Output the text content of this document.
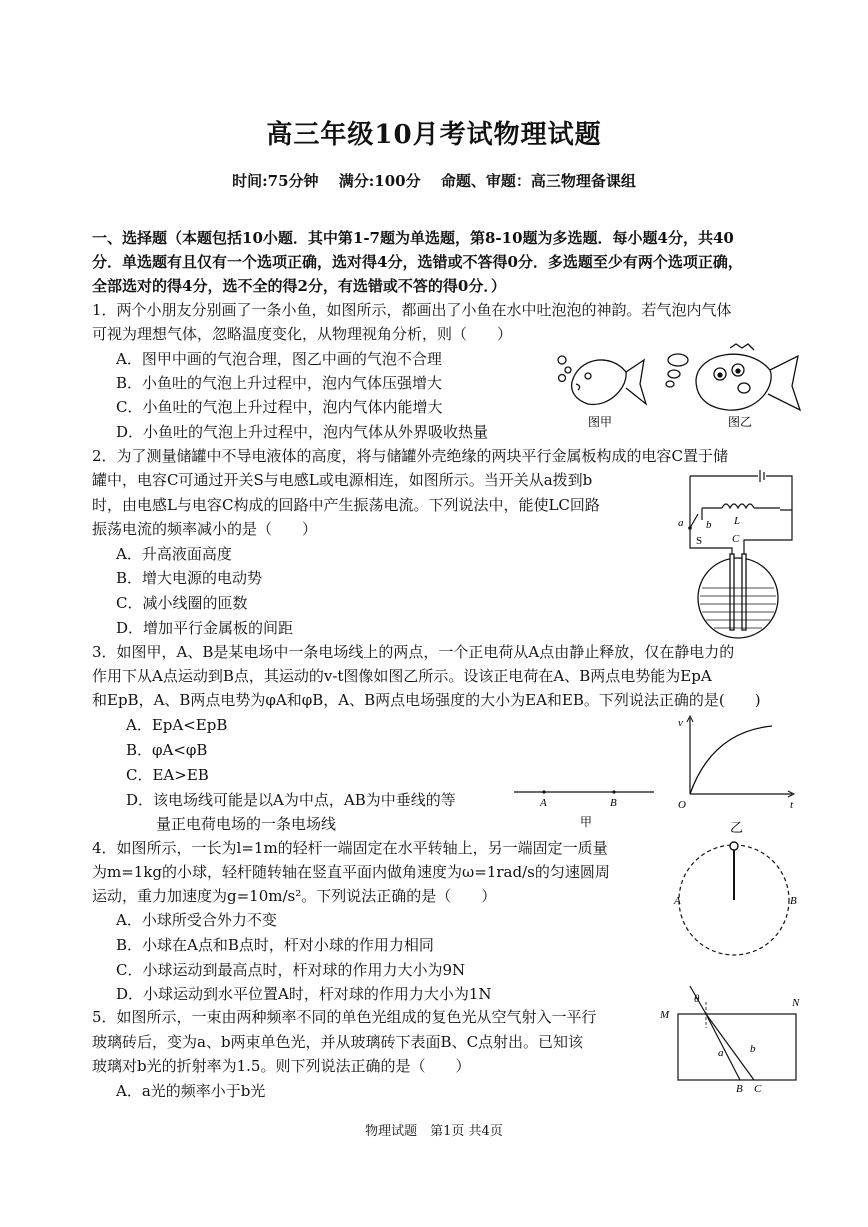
高三年级10月考试物理试题
时间:75分钟　 满分:100分　 命题、审题：高三物理备课组
一、选择题（本题包括10小题．其中第1-7题为单选题，第8-10题为多选题．每小题4分，共40
分．单选题有且仅有一个选项正确，选对得4分，选错或不答得0分．多选题至少有两个选项正确，
全部选对的得4分，选不全的得2分，有选错或不答的得0分．）
1．两个小朋友分别画了一条小鱼，如图所示，都画出了小鱼在水中吐泡泡的神韵。若气泡内气体
可视为理想气体，忽略温度变化，从物理视角分析，则（　　）
A．图甲中画的气泡合理，图乙中画的气泡不合理
B．小鱼吐的气泡上升过程中，泡内气体压强增大
C．小鱼吐的气泡上升过程中，泡内气体内能增大
D．小鱼吐的气泡上升过程中，泡内气体从外界吸收热量
图甲	图乙
2．为了测量储罐中不导电液体的高度，将与储罐外壳绝缘的两块平行金属板构成的电容C置于储
罐中，电容C可通过开关S与电感L或电源相连，如图所示。当开关从a拨到b
时，由电感L与电容C构成的回路中产生振荡电流。下列说法中，能使LC回路
振荡电流的频率减小的是（　　）
A．升高液面高度
B．增大电源的电动势
C．减小线圈的匝数
D．增加平行金属板的间距
a b L
S	C
3．如图甲，A、B是某电场中一条电场线上的两点，一个正电荷从A点由静止释放，仅在静电力的
作用下从A点运动到B点，其运动的v-t图像如图乙所示。设该正电荷在A、B两点电势能为EpA
和EpB，A、B两点电势为φA和φB，A、B两点电场强度的大小为EA和EB。下列说法正确的是(　　)
A．EpA<EpB
B．φA<φB
C．EA>EB
D．该电场线可能是以A为中点，AB为中垂线的等
　　量正电荷电场的一条电场线
A	B
甲
v
t
O
乙
4．如图所示，一长为l=1m的轻杆一端固定在水平转轴上，另一端固定一质量
为m=1kg的小球，轻杆随转轴在竖直平面内做角速度为ω=1rad/s的匀速圆周
运动，重力加速度为g=10m/s²。下列说法正确的是（　　）
A．小球所受合外力不变
B．小球在A点和B点时，杆对小球的作用力相同
C．小球运动到最高点时，杆对球的作用力大小为9N
D．小球运动到水平位置A时，杆对球的作用力大小为1N
A	B
5．如图所示，一束由两种频率不同的单色光组成的复色光从空气射入一平行
玻璃砖后，变为a、b两束单色光，并从玻璃砖下表面B、C点射出。已知该
玻璃对b光的折射率为1.5。则下列说法正确的是（　　）
A．a光的频率小于b光
θ
M
N
a b
B C
物理试题　第1页 共4页
